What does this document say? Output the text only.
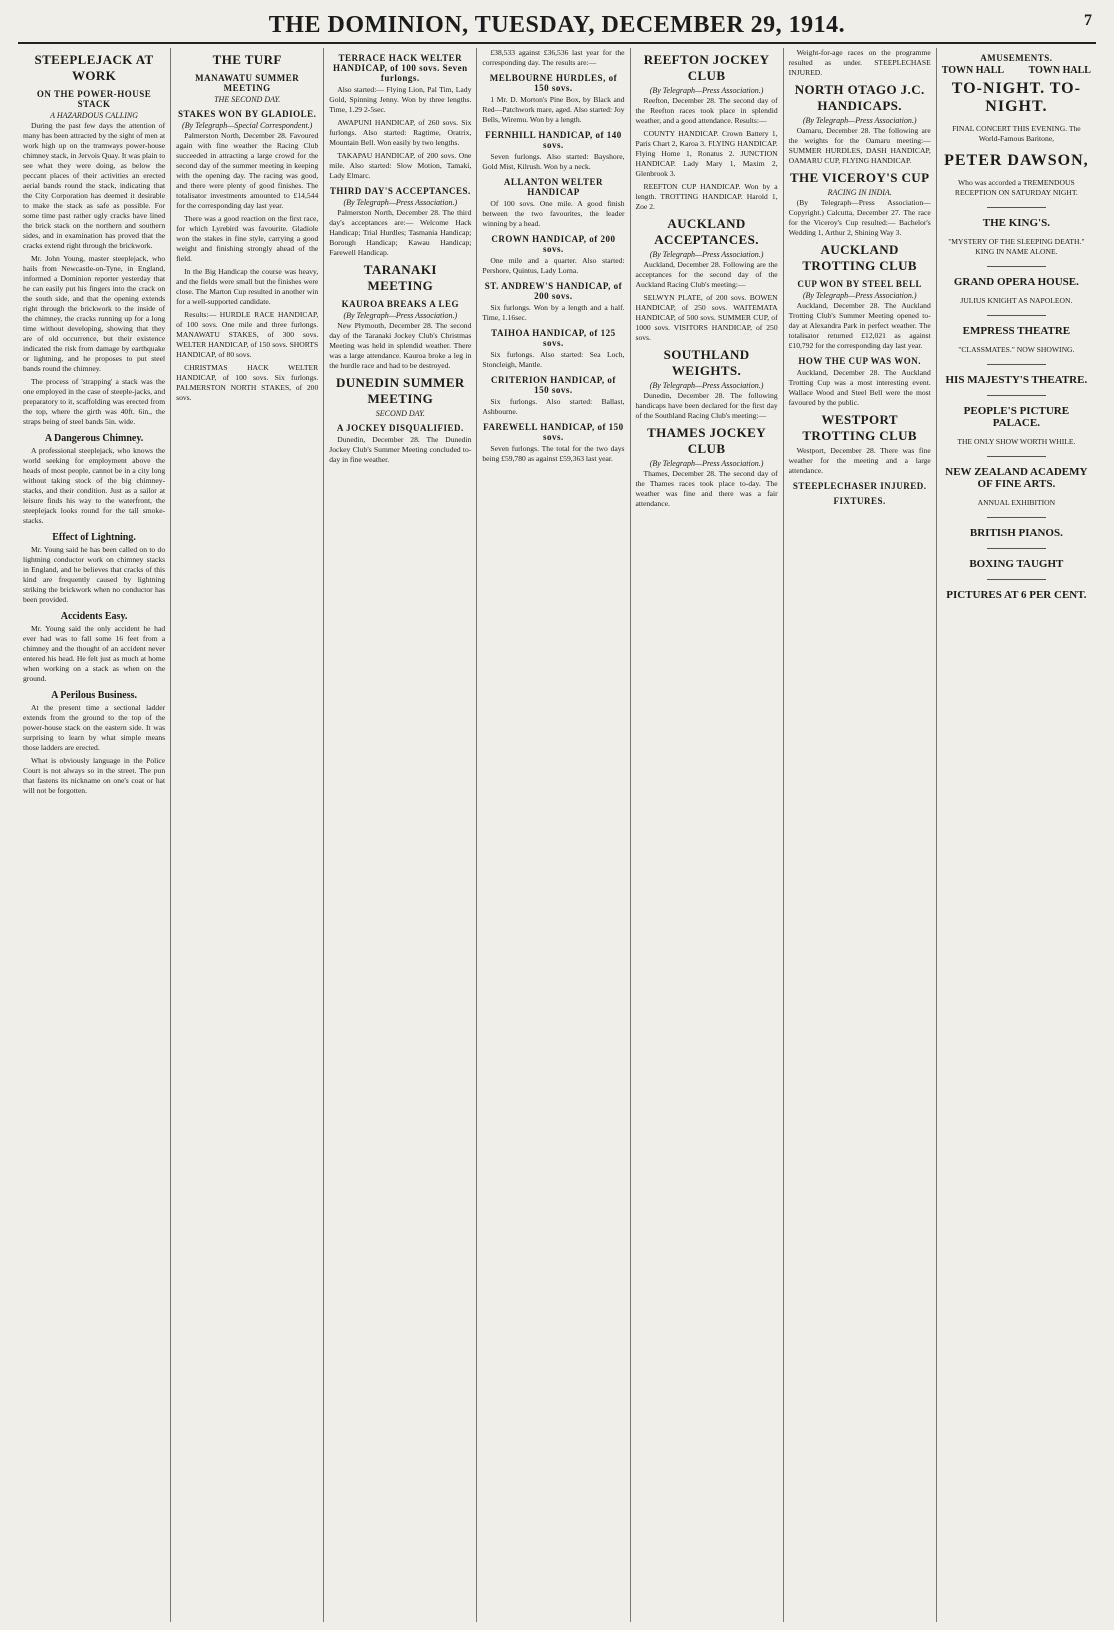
THE DOMINION, TUESDAY, DECEMBER 29, 1914.	7
STEEPLEJACK AT WORK
ON THE POWER-HOUSE STACK
A HAZARDOUS CALLING

During the past few days the attention of many has been attracted by the sight of men at work high up on the tramways power-house chimney stack, in Jervois Quay. It was plain to see what they were doing, as below the peccant places of their activities an erected aerial bands round the stack, indicating that the City Corporation has deemed it desirable to make the stack as safe as possible. For some time past rather ugly cracks have lined the brick stack on the northern and southern sides, and in examination has proved that the cracks extend right through the brickwork.

Mr. John Young, master steeplejack, who hails from Newcastle-on-Tyne, in England, informed a Dominion reporter yesterday that he can easily put his fingers into the crack on the south side, and that the opening extends right through the brickwork to the inside of the chimney, the cracks running up for a long time without developing, showing that they are of old occurrence, but their existence indicated the risk from damage by earthquake or lightning, and he proposes to put steel bands round the chimney.

The process of 'strapping' a stack was the one employed in the case of steeple-jacks, and preparatory to it, scaffolding was erected from the top, where the girth was 40ft. 6in., the straps being of steel bands 5in. wide.

A Dangerous Chimney.

A professional steeplejack, who knows the world seeking for employment above the heads of most people, cannot be in a city long without taking stock of the big chimney-stacks, and their condition. Just as a sailor at leisure finds his way to the waterfront, the steeplejack looks round for the tall smoke-stacks.

Effect of Lightning.

Mr. Young said he has been called on to do lightning conductor work on chimney stacks in England, and he believes that cracks of this kind are frequently caused by lightning striking the brickwork when no conductor has been provided.

Accidents Easy.

Mr. Young said the only accident he had ever had was to fall some 16 feet from a chimney and the thought of an accident never entered his head. He felt just as much at home when working on a stack as when on the ground.

A Perilous Business.

At the present time a sectional ladder extends from the ground to the top of the power-house stack on the eastern side. It was surprising to learn by what simple means those ladders are erected.

What is obviously language in the Police Court is not always so in the street. The pun that fastens its nickname on one's coat or hat will not be forgotten.

THE TURF
MANAWATU SUMMER MEETING
THE SECOND DAY.
STAKES WON BY GLADIOLE.
(By Telegraph—Special Correspondent.)

Palmerston North, December 28. Favoured again with fine weather the Racing Club succeeded in attracting a large crowd for the second day of the summer meeting in keeping with the opening day. The racing was good, and there were plenty of good finishes. The totalisator investments amounted to £14,544 for the corresponding day last year.

There was a good reaction on the first race, for which Lyrebird was favourite. Gladiole won the stakes in fine style, carrying a good weight and finishing strongly ahead of the field.

In the Big Handicap the course was heavy, and the fields were small but the finishes were close. The Marton Cup resulted in another win for a well-supported candidate.

Results:— HURDLE RACE HANDICAP, of 100 sovs. One mile and three furlongs. MANAWATU STAKES, of 300 sovs. WELTER HANDICAP, of 150 sovs. SHORTS HANDICAP, of 80 sovs.

CHRISTMAS HACK WELTER HANDICAP, of 100 sovs. Six furlongs. PALMERSTON NORTH STAKES, of 200 sovs.

TERRACE HACK WELTER HANDICAP, of 100 sovs. Seven furlongs.

Also started:— Flying Lion, Pal Tim, Lady Gold, Spinning Jenny. Won by three lengths. Time, 1.29 2-5sec.

AWAPUNI HANDICAP, of 260 sovs. Six furlongs. Also started: Ragtime, Oratrix, Mountain Bell. Won easily by two lengths.

TAKAPAU HANDICAP, of 200 sovs. One mile. Also started: Slow Motion, Tamaki, Lady Elmarc.

THIRD DAY'S ACCEPTANCES.
(By Telegraph—Press Association.)

Palmerston North, December 28. The third day's acceptances are:— Welcome Hack Handicap; Trial Hurdles; Tasmania Handicap; Borough Handicap; Kawau Handicap; Farewell Handicap.

TARANAKI MEETING
KAUROA BREAKS A LEG
(By Telegraph—Press Association.)

New Plymouth, December 28. The second day of the Taranaki Jockey Club's Christmas Meeting was held in splendid weather. There was a large attendance. Kauroa broke a leg in the hurdle race and had to be destroyed.

DUNEDIN SUMMER MEETING
SECOND DAY.
A JOCKEY DISQUALIFIED.

Dunedin, December 28. The Dunedin Jockey Club's Summer Meeting concluded to-day in fine weather.

£38,533 against £36,536 last year for the corresponding day. The results are:—

MELBOURNE HURDLES, of 150 sovs.

1 Mr. D. Morton's Pine Box, by Black and Red—Patchwork mare, aged. Also started: Joy Bells, Wiremu. Won by a length.

FERNHILL HANDICAP, of 140 sovs.

Seven furlongs. Also started: Bayshore, Gold Mist, Kilrush. Won by a neck.

ALLANTON WELTER HANDICAP

Of 100 sovs. One mile. A good finish between the two favourites, the leader winning by a head.

CROWN HANDICAP, of 200 sovs.

One mile and a quarter. Also started: Pershore, Quintus, Lady Lorna.

ST. ANDREW'S HANDICAP, of 200 sovs.

Six furlongs. Won by a length and a half. Time, 1.16sec.

TAIHOA HANDICAP, of 125 sovs.

Six furlongs. Also started: Sea Loch, Stoncleigh, Mantle.

CRITERION HANDICAP, of 150 sovs.

Six furlongs. Also started: Ballast, Ashbourne.

FAREWELL HANDICAP, of 150 sovs.

Seven furlongs. The total for the two days being £59,780 as against £59,363 last year.

REEFTON JOCKEY CLUB
(By Telegraph—Press Association.)

Reefton, December 28. The second day of the Reefton races took place in splendid weather, and a good attendance. Results:—

COUNTY HANDICAP. Crown Battery 1, Paris Chart 2, Karoa 3. FLYING HANDICAP. Flying Home 1, Ronatus 2. JUNCTION HANDICAP. Lady Mary 1, Maxim 2, Glenbrook 3.

REEFTON CUP HANDICAP. Won by a length. TROTTING HANDICAP. Harold 1, Zoe 2.

AUCKLAND ACCEPTANCES.
(By Telegraph—Press Association.)

Auckland, December 28. Following are the acceptances for the second day of the Auckland Racing Club's meeting:—

SELWYN PLATE, of 200 sovs. BOWEN HANDICAP, of 250 sovs. WAITEMATA HANDICAP, of 500 sovs. SUMMER CUP, of 1000 sovs. VISITORS HANDICAP, of 250 sovs.

SOUTHLAND WEIGHTS.
(By Telegraph—Press Association.)

Dunedin, December 28. The following handicaps have been declared for the first day of the Southland Racing Club's meeting:—

THAMES JOCKEY CLUB
(By Telegraph—Press Association.)

Thames, December 28. The second day of the Thames races took place to-day. The weather was fine and there was a fair attendance.

Weight-for-age races on the programme resulted as under. STEEPLECHASE INJURED.

NORTH OTAGO J.C. HANDICAPS.
(By Telegraph—Press Association.)

Oamaru, December 28. The following are the weights for the Oamaru meeting:— SUMMER HURDLES, DASH HANDICAP, OAMARU CUP, FLYING HANDICAP.

THE VICEROY'S CUP
RACING IN INDIA.

(By Telegraph—Press Association—Copyright.) Calcutta, December 27. The race for the Viceroy's Cup resulted:— Bachelor's Wedding 1, Arthur 2, Shining Way 3.

AUCKLAND TROTTING CLUB
CUP WON BY STEEL BELL
(By Telegraph—Press Association.)

Auckland, December 28. The Auckland Trotting Club's Summer Meeting opened to-day at Alexandra Park in perfect weather. The totalisator returned £12,021 as against £10,792 for the corresponding day last year.

HOW THE CUP WAS WON.

Auckland, December 28. The Auckland Trotting Cup was a most interesting event. Wallace Wood and Steel Bell were the most favoured by the public.

WESTPORT TROTTING CLUB

Westport, December 28. There was fine weather for the meeting and a large attendance.

STEEPLECHASER INJURED.
FIXTURES.
AMUSEMENTS.
TOWN HALL TOWN HALL
TO-NIGHT. TO-NIGHT.
FINAL CONCERT THIS EVENING. The World-Famous Baritone,
PETER DAWSON,
Who was accorded a TREMENDOUS RECEPTION ON SATURDAY NIGHT.
THE KING'S.
"MYSTERY OF THE SLEEPING DEATH." KING IN NAME ALONE.
GRAND OPERA HOUSE.
JULIUS KNIGHT AS NAPOLEON.
EMPRESS THEATRE
"CLASSMATES." NOW SHOWING.
HIS MAJESTY'S THEATRE.
PEOPLE'S PICTURE PALACE.
THE ONLY SHOW WORTH WHILE.
NEW ZEALAND ACADEMY OF FINE ARTS.
ANNUAL EXHIBITION
BRITISH PIANOS.
BOXING TAUGHT
PICTURES AT 6 PER CENT.
